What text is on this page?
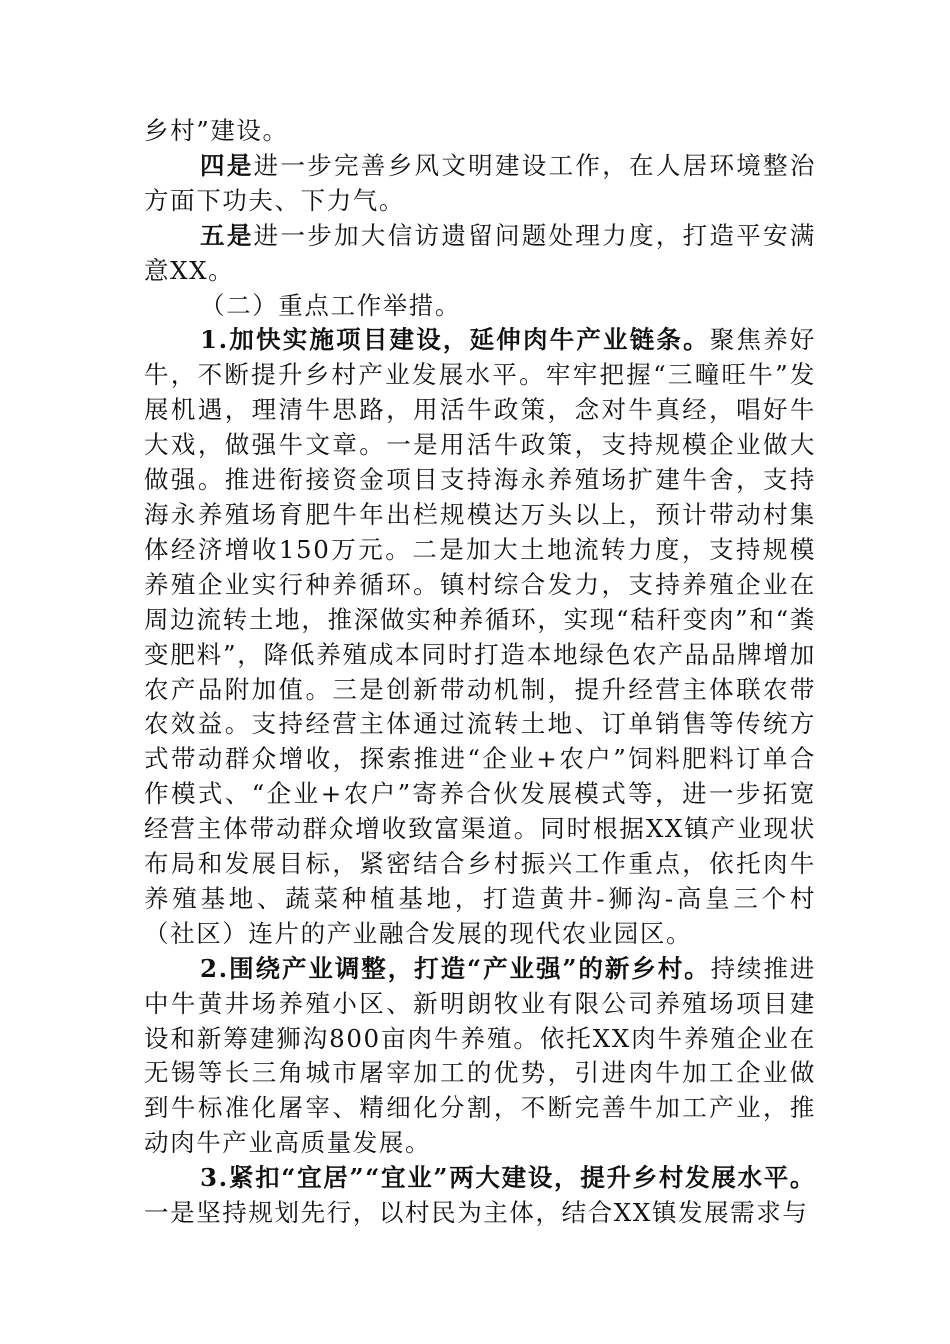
乡村”建设。

四是进一步完善乡风文明建设工作，在人居环境整治方面下功夫、下力气。

五是进一步加大信访遗留问题处理力度，打造平安满意XX。

（二）重点工作举措。

1.加快实施项目建设，延伸肉牛产业链条。聚焦养好牛，不断提升乡村产业发展水平。牢牢把握“三疃旺牛”发展机遇，理清牛思路，用活牛政策，念对牛真经，唱好牛大戏，做强牛文章。一是用活牛政策，支持规模企业做大做强。推进衔接资金项目支持海永养殖场扩建牛舍，支持海永养殖场育肥牛年出栏规模达万头以上，预计带动村集体经济增收150万元。二是加大土地流转力度，支持规模养殖企业实行种养循环。镇村综合发力，支持养殖企业在周边流转土地，推深做实种养循环，实现“秸秆变肉”和“粪变肥料”，降低养殖成本同时打造本地绿色农产品品牌增加农产品附加值。三是创新带动机制，提升经营主体联农带农效益。支持经营主体通过流转土地、订单销售等传统方式带动群众增收，探索推进“企业+农户”饲料肥料订单合作模式、“企业+农户”寄养合伙发展模式等，进一步拓宽经营主体带动群众增收致富渠道。同时根据XX镇产业现状布局和发展目标，紧密结合乡村振兴工作重点，依托肉牛养殖基地、蔬菜种植基地，打造黄井-狮沟-高皇三个村（社区）连片的产业融合发展的现代农业园区。

2.围绕产业调整，打造“产业强”的新乡村。持续推进中牛黄井场养殖小区、新明朗牧业有限公司养殖场项目建设和新筹建狮沟800亩肉牛养殖。依托XX肉牛养殖企业在无锡等长三角城市屠宰加工的优势，引进肉牛加工企业做到牛标准化屠宰、精细化分割，不断完善牛加工产业，推动肉牛产业高质量发展。

3.紧扣“宜居”“宜业”两大建设，提升乡村发展水平。一是坚持规划先行，以村民为主体，结合XX镇发展需求与
